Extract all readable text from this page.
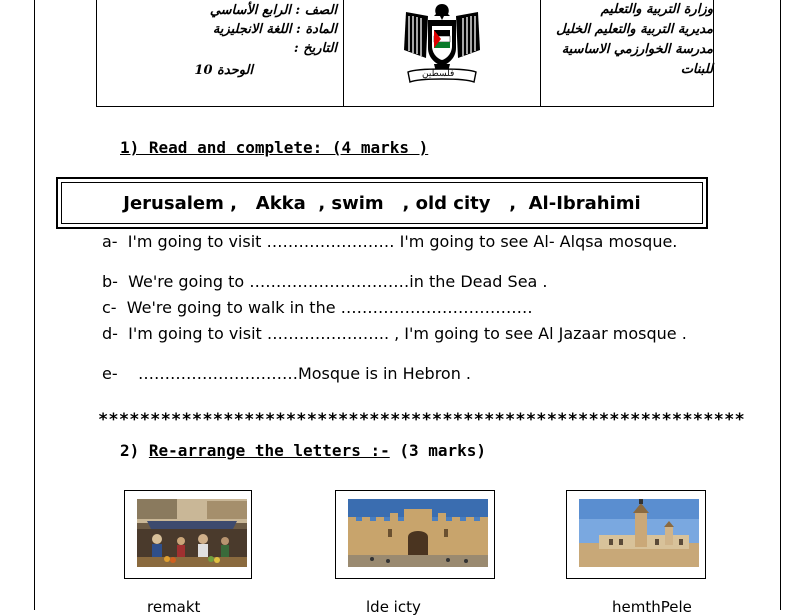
الصف : الرابع الأساسي
المادة : اللغة الانجليزية
التاريخ :
الوحدة 10	فلسطين
وزارة التربية والتعليم
مديرية التربية والتعليم الخليل
مدرسة الخوارزمي الاساسية
للبنات
1) Read and complete: (4 marks )
Jerusalem ,   Akka  , swim   , old city   ,  Al-Ibrahimi
a-  I'm going to visit …………………… I'm going to see Al- Alqsa mosque.
b-  We're going to …………………………in the Dead Sea .
c-  We're going to walk in the ………………………………
d-  I'm going to visit ………………….. , I'm going to see Al Jazaar mosque .
e-    …………………………Mosque is in Hebron .
**************************************************************
2) Re-arrange the letters :- (3 marks)
remakt	lde icty	hemthPele
